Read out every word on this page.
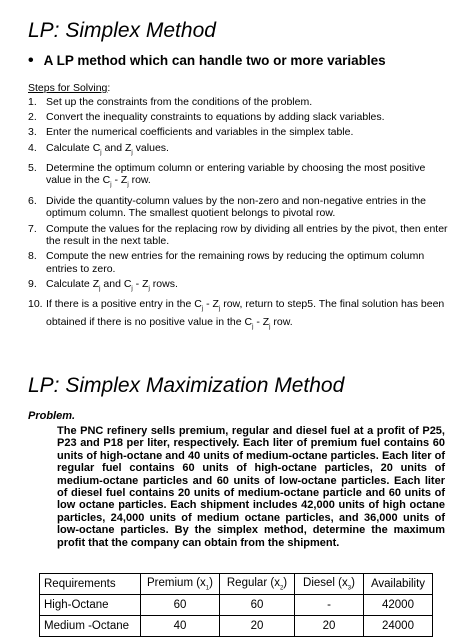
LP: Simplex Method
• A LP method which can handle two or more variables
Steps for Solving:
1. Set up the constraints from the conditions of the problem.
2. Convert the inequality constraints to equations by adding slack variables.
3. Enter the numerical coefficients and variables in the simplex table.
4. Calculate $C_j$ and $Z_j$ values.
5. Determine the optimum column or entering variable by choosing the most positive value in the $C_j - Z_j$ row.
6. Divide the quantity-column values by the non-zero and non-negative entries in the optimum column. The smallest quotient belongs to pivotal row.
7. Compute the values for the replacing row by dividing all entries by the pivot, then enter the result in the next table.
8. Compute the new entries for the remaining rows by reducing the optimum column entries to zero.
9. Calculate $Z_j$ and $C_j - Z_j$ rows.
10. If there is a positive entry in the $C_j - Z_j$ row, return to step5. The final solution has been obtained if there is no positive value in the $C_j - Z_j$ row.
LP: Simplex Maximization Method
Problem.
The PNC refinery sells premium, regular and diesel fuel at a profit of P25, P23 and P18 per liter, respectively. Each liter of premium fuel contains 60 units of high-octane and 40 units of medium-octane particles. Each liter of regular fuel contains 60 units of high-octane particles, 20 units of medium-octane particles and 60 units of low-octane particles. Each liter of diesel fuel contains 20 units of medium-octane particle and 60 units of low octane particles. Each shipment includes 42,000 units of high octane particles, 24,000 units of medium octane particles, and 36,000 units of low-octane particles. By the simplex method, determine the maximum profit that the company can obtain from the shipment.
Requirements	Premium $(x_1)$	Regular $(x_2)$	Diesel $(x_3)$	Availability
High-Octane	60	60	-	42000
Medium -Octane	40	20	20	24000
